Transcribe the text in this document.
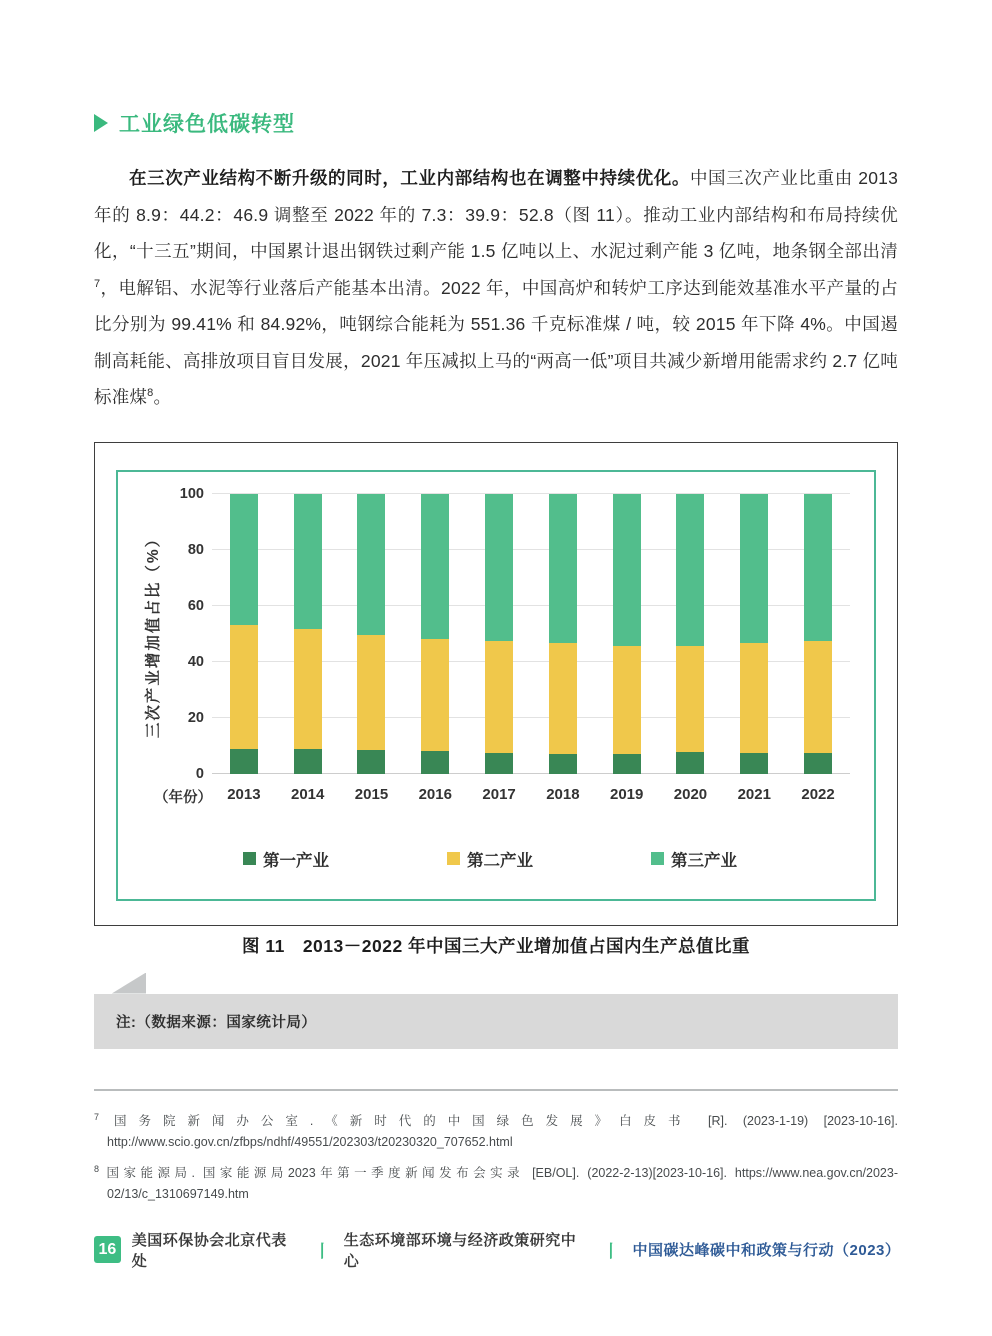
工业绿色低碳转型

在三次产业结构不断升级的同时，工业内部结构也在调整中持续优化。中国三次产业比重由 2013 年的 8.9：44.2：46.9 调整至 2022 年的 7.3：39.9：52.8（图 11）。推动工业内部结构和布局持续优化，“十三五”期间，中国累计退出钢铁过剩产能 1.5 亿吨以上、水泥过剩产能 3 亿吨，地条钢全部出清$^7$，电解铝、水泥等行业落后产能基本出清。2022 年，中国高炉和转炉工序达到能效基准水平产量的占比分别为 99.41% 和 84.92%，吨钢综合能耗为 551.36 千克标准煤 / 吨，较 2015 年下降 4%。中国遏制高耗能、高排放项目盲目发展，2021 年压减拟上马的“两高一低”项目共减少新增用能需求约 2.7 亿吨标准煤$^8$。

三次产业增加值占比（%）
0
20
40
60
80
100
（年份）	2013	2014	2015	2016	2017	2018	2019	2020	2021	2022
第一产业	第二产业	第三产业
图 11　2013－2022 年中国三大产业增加值占国内生产总值比重
注:（数据来源：国家统计局）
$^7$ 国务院新闻办公室.《新时代的中国绿色发展》白皮书 [R]. (2023-1-19) [2023-10-16]. http://www.scio.gov.cn/zfbps/ndhf/49551/202303/t20230320_707652.html
$^8$ 国家能源局. 国家能源局2023年第一季度新闻发布会实录 [EB/OL]. (2022-2-13)[2023-10-16]. https://www.nea.gov.cn/2023-02/13/c_1310697149.htm
16
美国环保协会北京代表处	丨
生态环境部环境与经济政策研究中心	丨 中国碳达峰碳中和政策与行动（2023）
